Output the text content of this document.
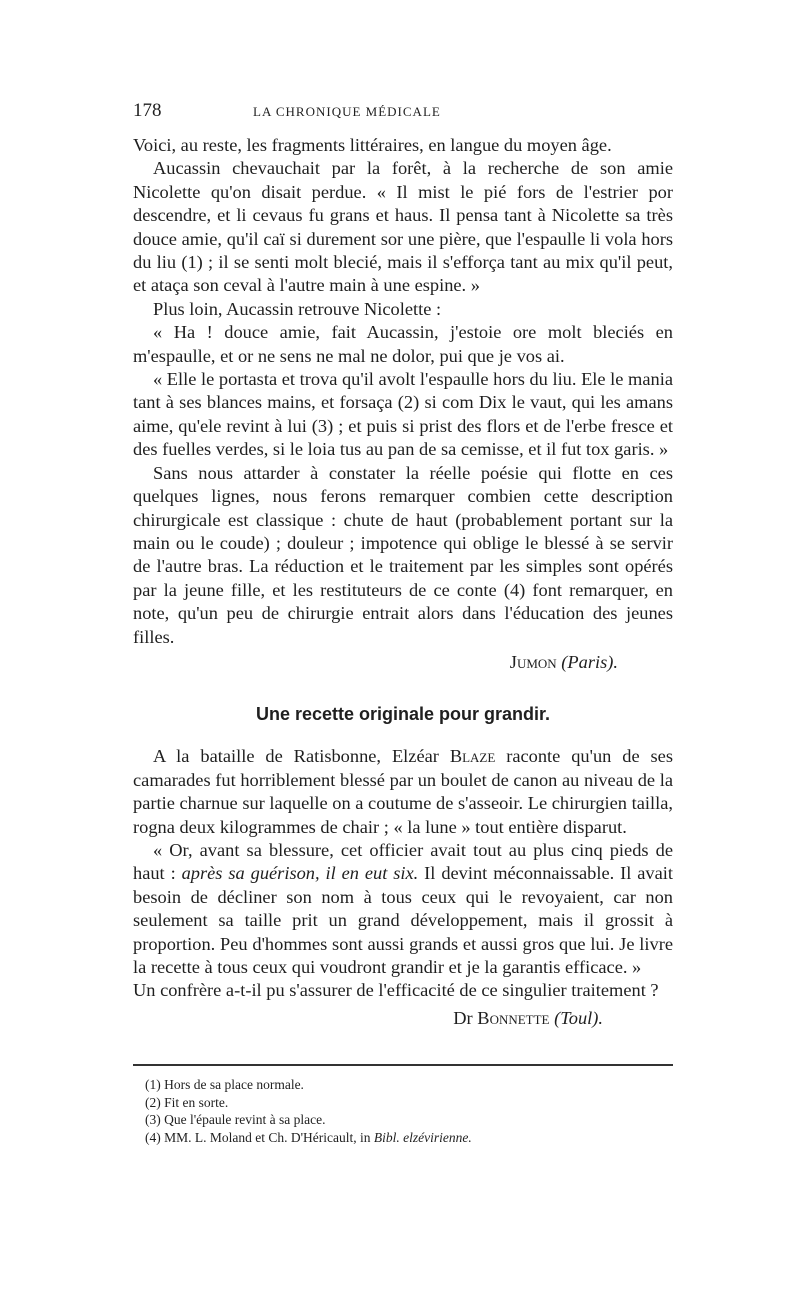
178	LA CHRONIQUE MÉDICALE

Voici, au reste, les fragments littéraires, en langue du moyen âge.

Aucassin chevauchait par la forêt, à la recherche de son amie Nicolette qu'on disait perdue. « Il mist le pié fors de l'estrier por descendre, et li cevaus fu grans et haus. Il pensa tant à Nicolette sa très douce amie, qu'il caï si durement sor une pière, que l'espaulle li vola hors du liu (1) ; il se senti molt blecié, mais il s'efforça tant au mix qu'il peut, et ataça son ceval à l'autre main à une espine. »

Plus loin, Aucassin retrouve Nicolette :

« Ha ! douce amie, fait Aucassin, j'estoie ore molt bleciés en m'espaulle, et or ne sens ne mal ne dolor, pui que je vos ai.

« Elle le portasta et trova qu'il avolt l'espaulle hors du liu. Ele le mania tant à ses blances mains, et forsaça (2) si com Dix le vaut, qui les amans aime, qu'ele revint à lui (3) ; et puis si prist des flors et de l'erbe fresce et des fuelles verdes, si le loia tus au pan de sa cemisse, et il fut tox garis. »

Sans nous attarder à constater la réelle poésie qui flotte en ces quelques lignes, nous ferons remarquer combien cette description chirurgicale est classique : chute de haut (probablement portant sur la main ou le coude) ; douleur ; impotence qui oblige le blessé à se servir de l'autre bras. La réduction et le traitement par les simples sont opérés par la jeune fille, et les restituteurs de ce conte (4) font remarquer, en note, qu'un peu de chirurgie entrait alors dans l'éducation des jeunes filles.

Jumon (Paris).

Une recette originale pour grandir.

A la bataille de Ratisbonne, Elzéar Blaze raconte qu'un de ses camarades fut horriblement blessé par un boulet de canon au niveau de la partie charnue sur laquelle on a coutume de s'asseoir. Le chirurgien tailla, rogna deux kilogrammes de chair ; « la lune » tout entière disparut.

« Or, avant sa blessure, cet officier avait tout au plus cinq pieds de haut : après sa guérison, il en eut six. Il devint méconnaissable. Il avait besoin de décliner son nom à tous ceux qui le revoyaient, car non seulement sa taille prit un grand développement, mais il grossit à proportion. Peu d'hommes sont aussi grands et aussi gros que lui. Je livre la recette à tous ceux qui voudront grandir et je la garantis efficace. »

Un confrère a-t-il pu s'assurer de l'efficacité de ce singulier traitement ?

Dr Bonnette (Toul).

(1) Hors de sa place normale.
(2) Fit en sorte.
(3) Que l'épaule revint à sa place.
(4) MM. L. Moland et Ch. D'Héricault, in Bibl. elzévirienne.
